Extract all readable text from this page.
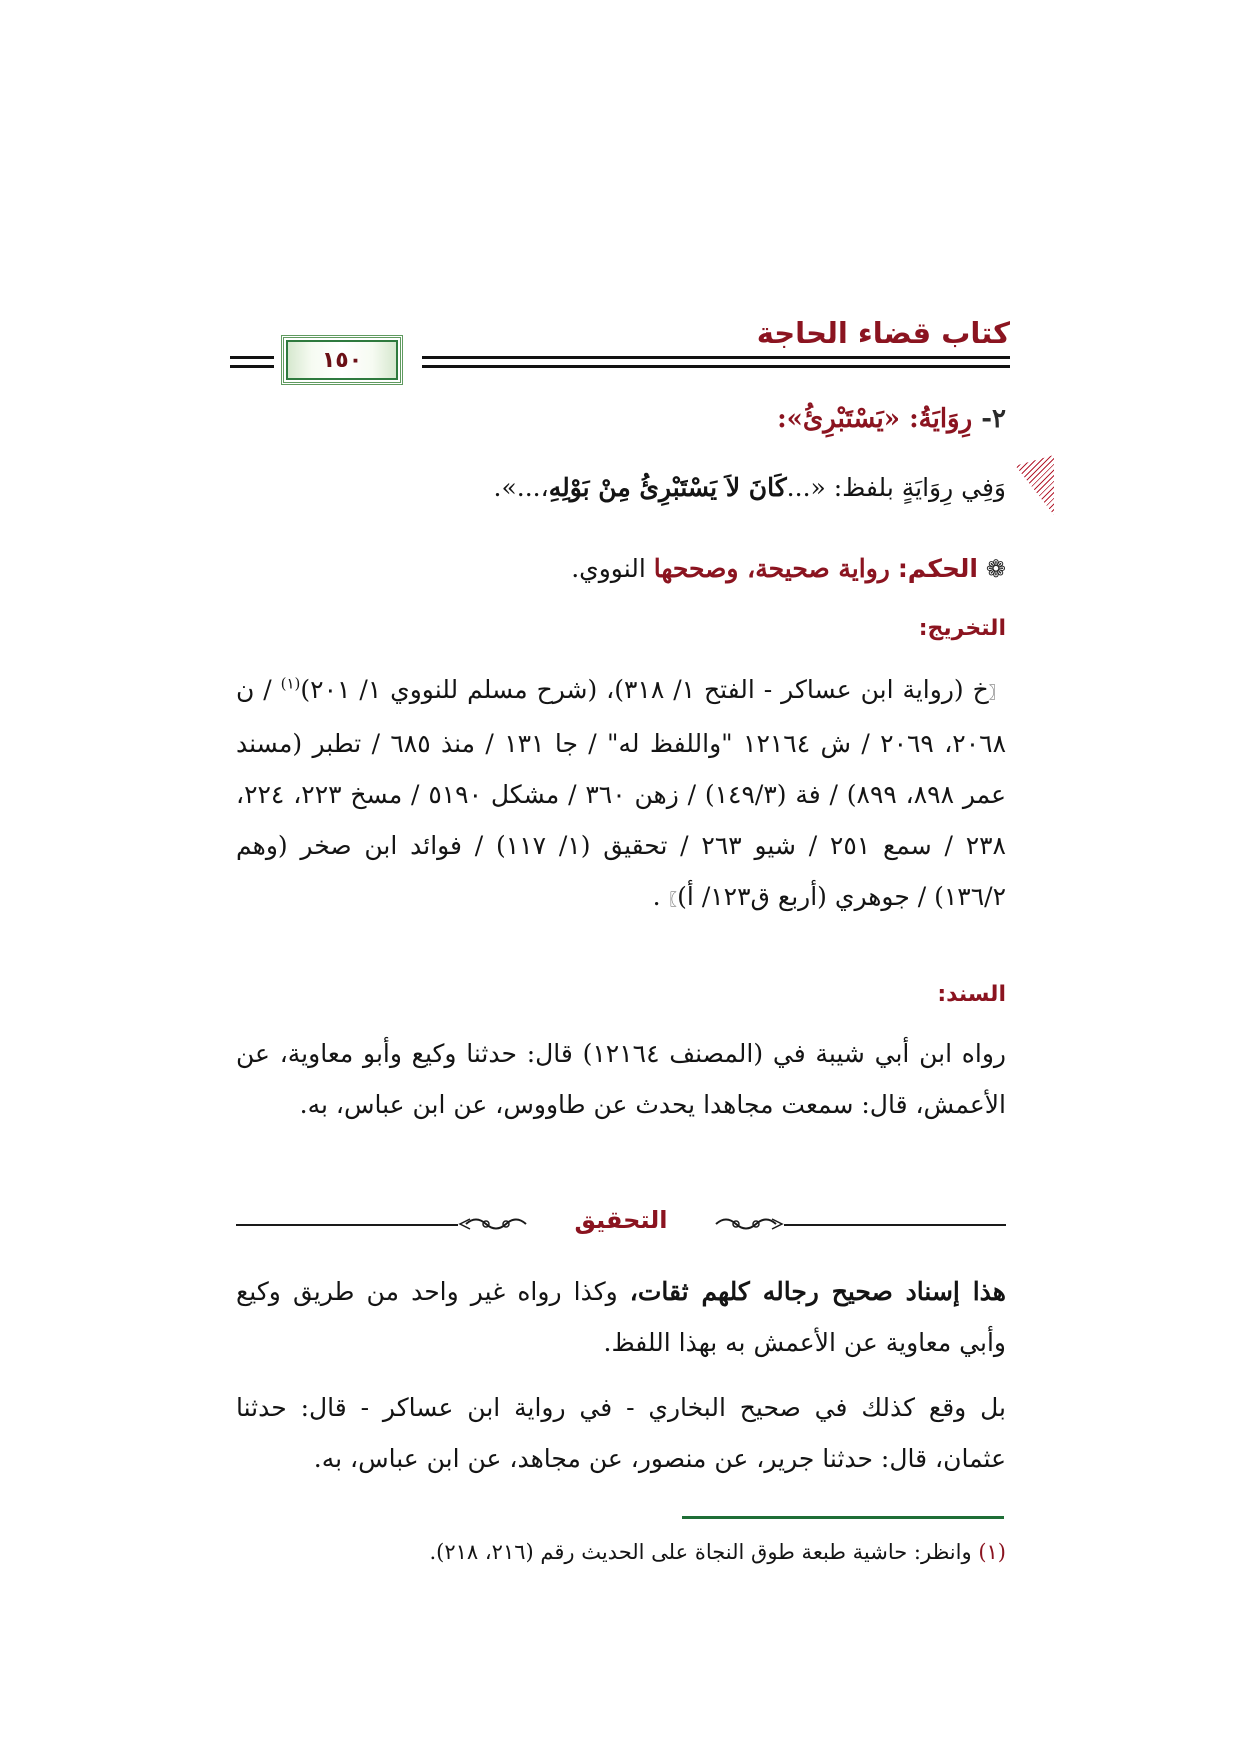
كتاب قضاء الحاجة
١٥٠
٢- رِوَايَةُ: «يَسْتَبْرِئُ»:
وَفِي رِوَايَةٍ بلفظ: «...كَانَ لاَ يَسْتَبْرِئُ مِنْ بَوْلِهِ،...».
❁ الحكم: رواية صحيحة، وصححها النووي.
التخريج:
〖خ (رواية ابن عساكر - الفتح ١/ ٣١٨)، (شرح مسلم للنووي ١/ ٢٠١)$^{(١)}$ / ن ٢٠٦٨، ٢٠٦٩ / ش ١٢١٦٤ "واللفظ له" / جا ١٣١ / منذ ٦٨٥ / تطبر (مسند عمر ٨٩٨، ٨٩٩) / فة (١٤٩/٣) / زهن ٣٦٠ / مشكل ٥١٩٠ / مسخ ٢٢٣، ٢٢٤، ٢٣٨ / سمع ٢٥١ / شيو ٢٦٣ / تحقيق (١/ ١١٧) / فوائد ابن صخر (وهم ١٣٦/٢) / جوهري (أربع ق١٢٣/ أ)〗.
السند:
رواه ابن أبي شيبة في (المصنف ١٢١٦٤) قال: حدثنا وكيع وأبو معاوية، عن الأعمش، قال: سمعت مجاهدا يحدث عن طاووس، عن ابن عباس، به.
التحقيق

هذا إسناد صحيح رجاله كلهم ثقات، وكذا رواه غير واحد من طريق وكيع وأبي معاوية عن الأعمش به بهذا اللفظ.

بل وقع كذلك في صحيح البخاري - في رواية ابن عساكر - قال: حدثنا عثمان، قال: حدثنا جرير، عن منصور، عن مجاهد، عن ابن عباس، به.

(١) وانظر: حاشية طبعة طوق النجاة على الحديث رقم (٢١٦، ٢١٨).
